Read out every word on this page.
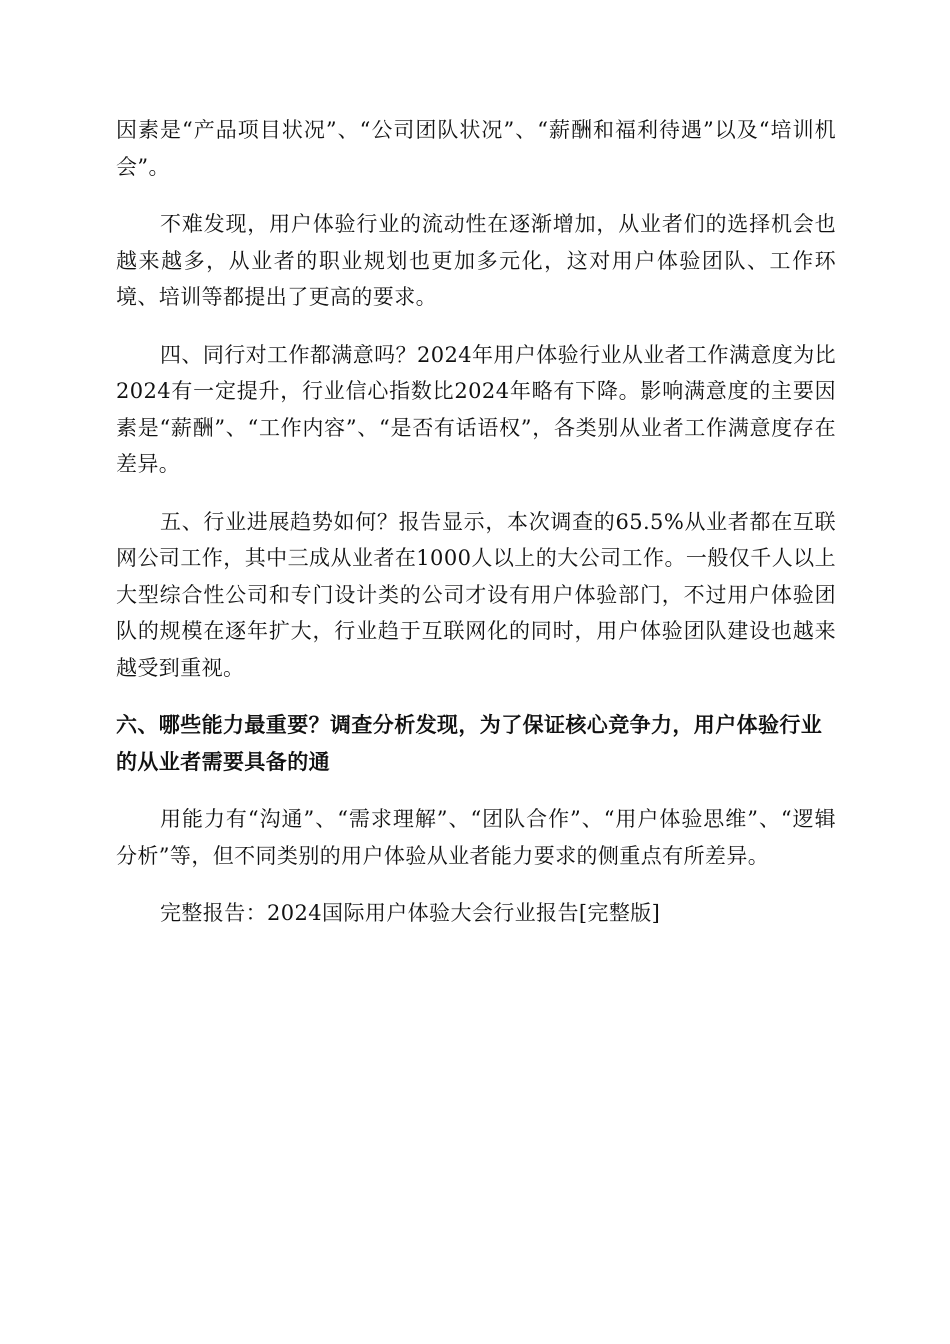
因素是“产品项目状况”、“公司团队状况”、“薪酬和福利待遇”以及“培训机会”。

不难发现，用户体验行业的流动性在逐渐增加，从业者们的选择机会也越来越多，从业者的职业规划也更加多元化，这对用户体验团队、工作环境、培训等都提出了更高的要求。

四、同行对工作都满意吗？2024年用户体验行业从业者工作满意度为比2024有一定提升，行业信心指数比2024年略有下降。影响满意度的主要因素是“薪酬”、“工作内容”、“是否有话语权”，各类别从业者工作满意度存在差异。

五、行业进展趋势如何？报告显示，本次调查的65.5%从业者都在互联网公司工作，其中三成从业者在1000人以上的大公司工作。一般仅千人以上大型综合性公司和专门设计类的公司才设有用户体验部门，不过用户体验团队的规模在逐年扩大，行业趋于互联网化的同时，用户体验团队建设也越来越受到重视。

六、哪些能力最重要？调查分析发现，为了保证核心竞争力，用户体验行业的从业者需要具备的通

用能力有“沟通”、“需求理解”、“团队合作”、“用户体验思维”、“逻辑分析”等，但不同类别的用户体验从业者能力要求的侧重点有所差异。

完整报告：2024国际用户体验大会行业报告[完整版]
